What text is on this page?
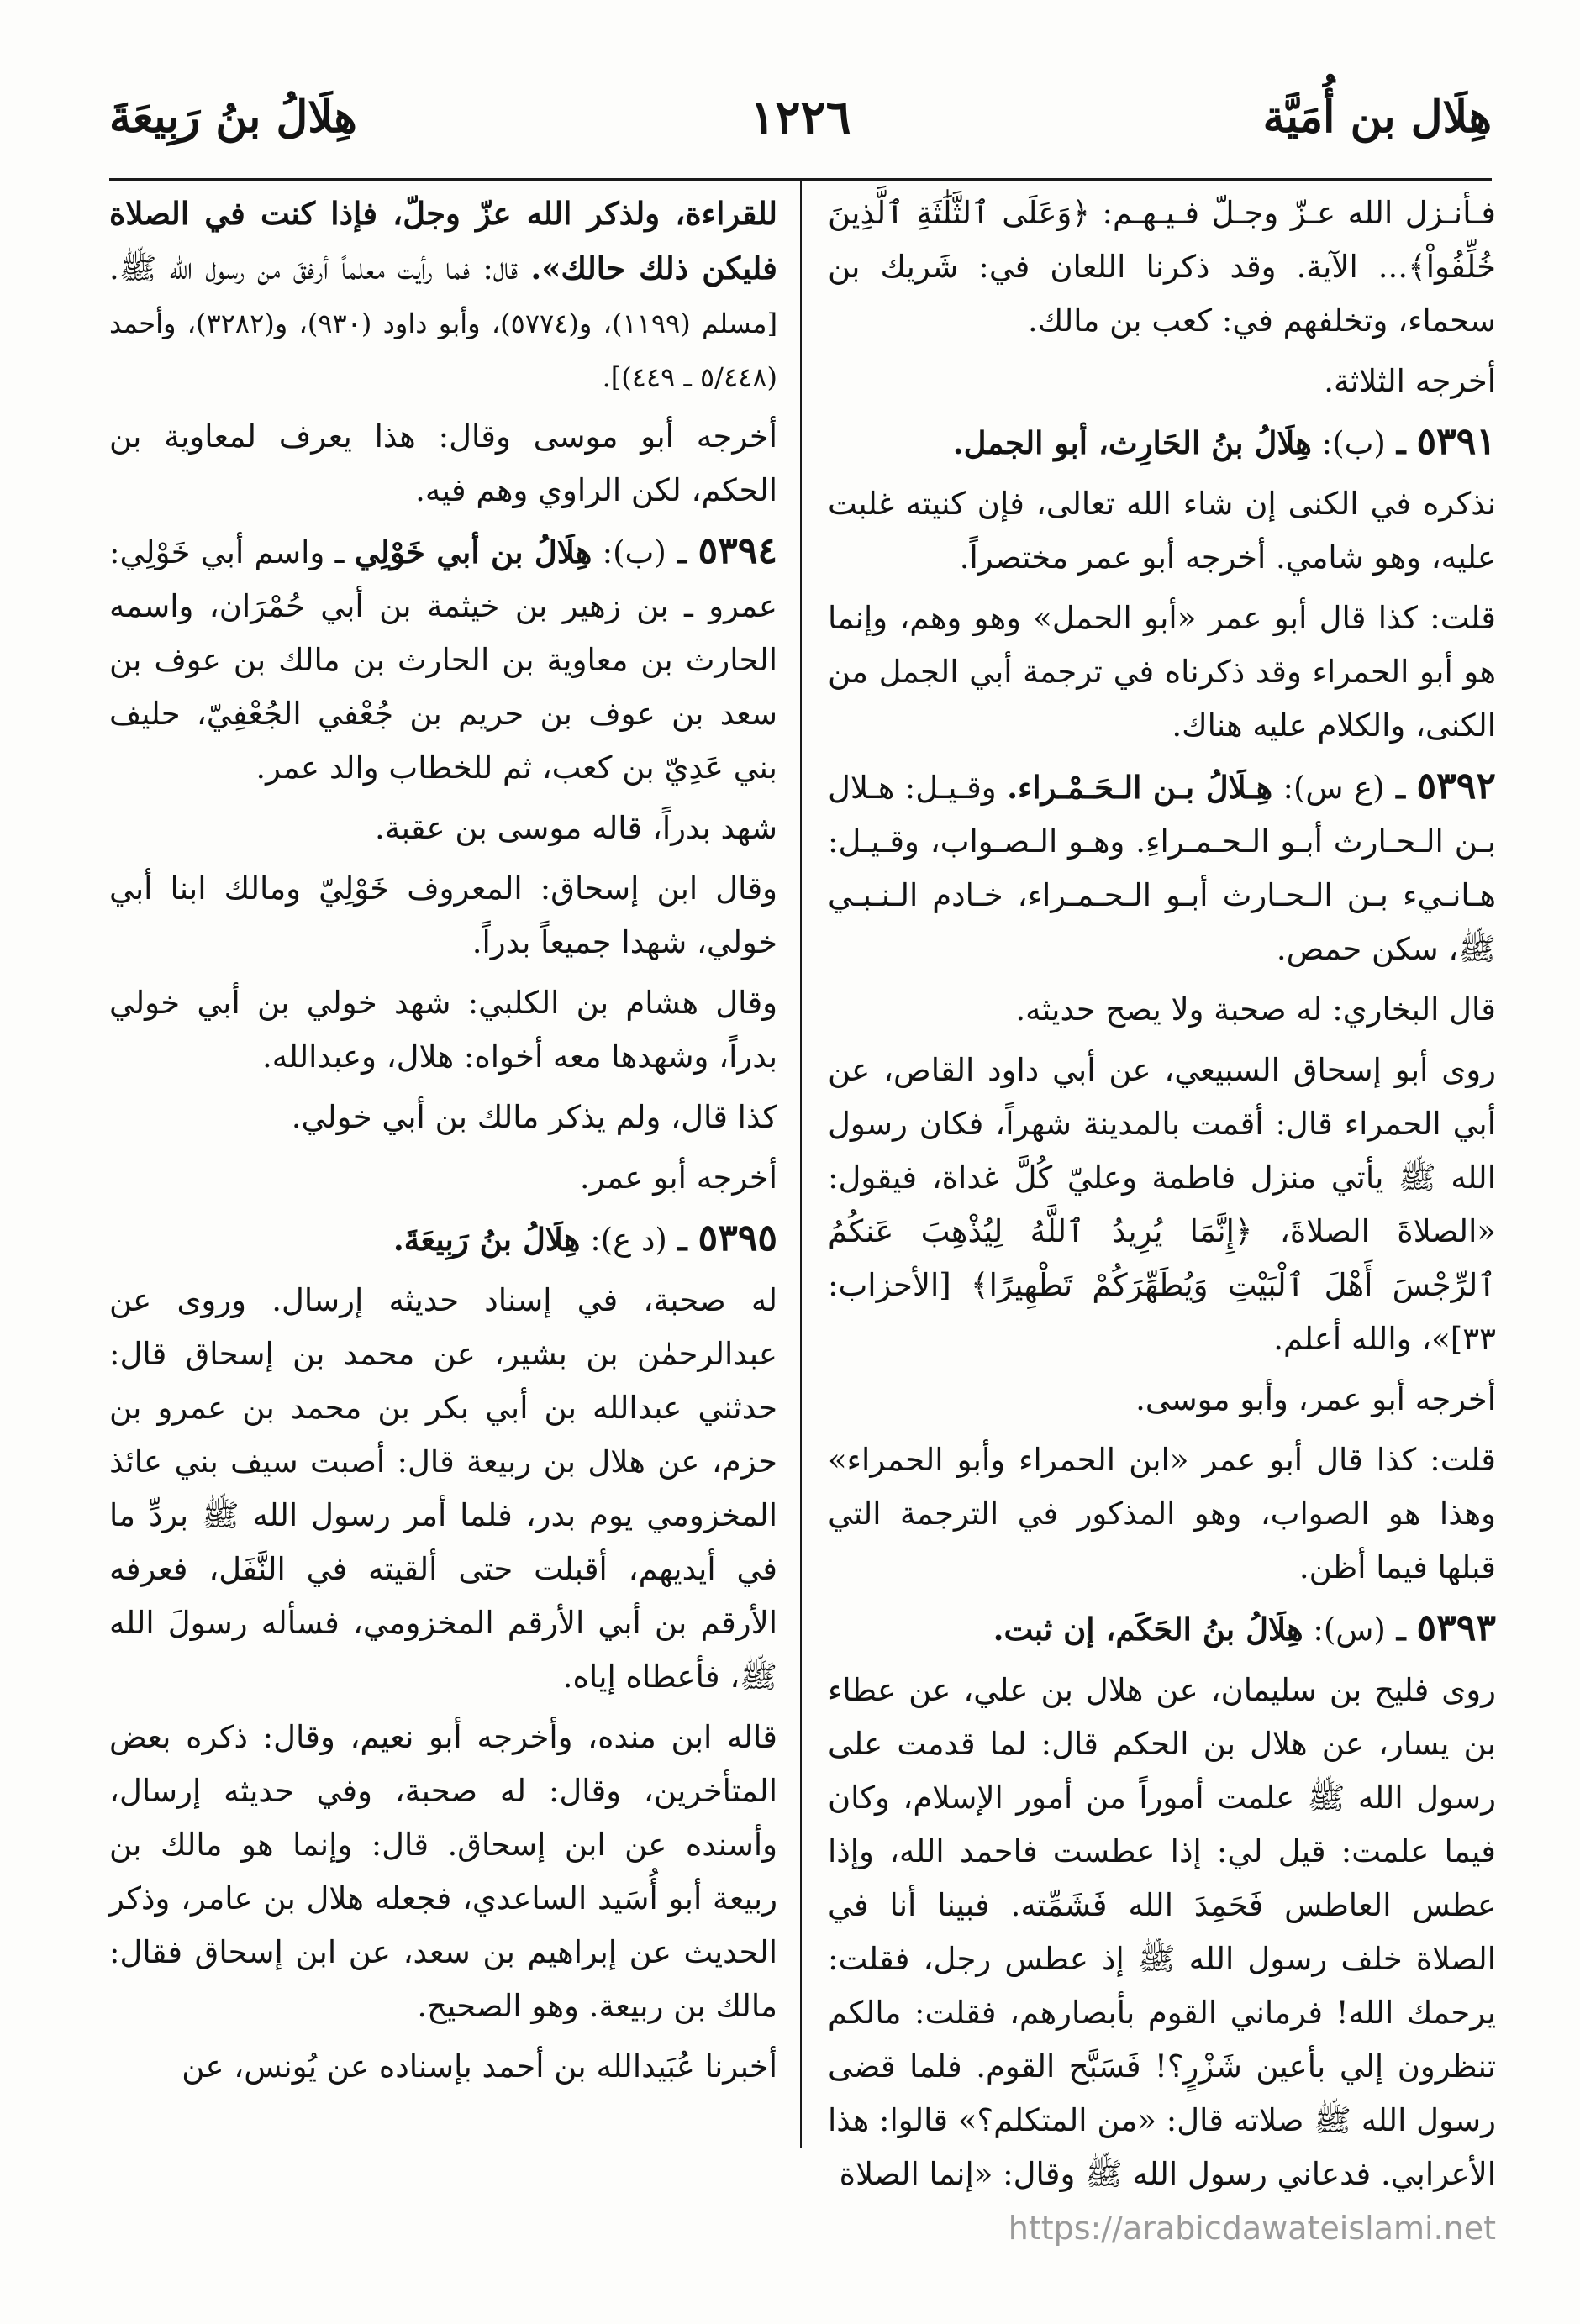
هِلَال بن أُمَيَّة
١٢٢٦
هِلَالُ بنُ رَبِيعَةَ

فـأنـزل الله عـزّ وجـلّ فـيـهـم: ﴿وَعَلَى ٱلثَّلَٰثَةِ ٱلَّذِينَ خُلِّفُواْ﴾... الآية. وقد ذكرنا اللعان في: شَريك بن سحماء، وتخلفهم في: كعب بن مالك.

أخرجه الثلاثة.

٥٣٩١ ـ (ب): هِلَالُ بنُ الحَارِث، أبو الجمل.

نذكره في الكنى إن شاء الله تعالى، فإن كنيته غلبت عليه، وهو شامي. أخرجه أبو عمر مختصراً.

قلت: كذا قال أبو عمر «أبو الحمل» وهو وهم، وإنما هو أبو الحمراء وقد ذكرناه في ترجمة أبي الجمل من الكنى، والكلام عليه هناك.

٥٣٩٢ ـ (ع س): هِـلَالُ بـن الـحَـمْـراء. وقـيـل: هـلال بـن الـحـارث أبـو الـحـمـراءِ. وهـو الـصـواب، وقـيـل: هـانـيء بـن الـحـارث أبـو الـحـمـراء، خـادم الـنـبـي ﷺ، سكن حمص.

قال البخاري: له صحبة ولا يصح حديثه.

روى أبو إسحاق السبيعي، عن أبي داود القاص، عن أبي الحمراء قال: أقمت بالمدينة شهراً، فكان رسول الله ﷺ يأتي منزل فاطمة وعليّ كُلَّ غداة، فيقول: «الصلاةَ الصلاةَ، ﴿إِنَّمَا يُرِيدُ ٱللَّهُ لِيُذْهِبَ عَنكُمُ ٱلرِّجْسَ أَهْلَ ٱلْبَيْتِ وَيُطَهِّرَكُمْ تَطْهِيرًا﴾ [الأحزاب: ٣٣]»، والله أعلم.

أخرجه أبو عمر، وأبو موسى.

قلت: كذا قال أبو عمر «ابن الحمراء وأبو الحمراء» وهذا هو الصواب، وهو المذكور في الترجمة التي قبلها فيما أظن.

٥٣٩٣ ـ (س): هِلَالُ بنُ الحَكَم، إن ثبت.

روى فليح بن سليمان، عن هلال بن علي، عن عطاء بن يسار، عن هلال بن الحكم قال: لما قدمت على رسول الله ﷺ علمت أموراً من أمور الإسلام، وكان فيما علمت: قيل لي: إذا عطست فاحمد الله، وإذا عطس العاطس فَحَمِدَ الله فَشَمِّته. فبينا أنا في الصلاة خلف رسول الله ﷺ إذ عطس رجل، فقلت: يرحمك الله! فرماني القوم بأبصارهم، فقلت: مالكم تنظرون إلي بأعين شَزْرٍ؟! فَسَبَّح القوم. فلما قضى رسول الله ﷺ صلاته قال: «من المتكلم؟» قالوا: هذا الأعرابي. فدعاني رسول الله ﷺ وقال: «إنما الصلاة

للقراءة، ولذكر الله عزّ وجلّ، فإذا كنت في الصلاة فليكن ذلك حالك». قال: فما رأيت معلماً أرفقَ من رسول الله ﷺ. [مسلم (١١٩٩)، و(٥٧٧٤)، وأبو داود (٩٣٠)، و(٣٢٨٢)، وأحمد (٥/٤٤٨ ـ ٤٤٩)].

أخرجه أبو موسى وقال: هذا يعرف لمعاوية بن الحكم، لكن الراوي وهم فيه.

٥٣٩٤ ـ (ب): هِلَالُ بن أبي خَوْلِي ـ واسم أبي خَوْلِي: عمرو ـ بن زهير بن خيثمة بن أبي حُمْرَان، واسمه الحارث بن معاوية بن الحارث بن مالك بن عوف بن سعد بن عوف بن حريم بن جُعْفي الجُعْفِيّ، حليف بني عَدِيّ بن كعب، ثم للخطاب والد عمر.

شهد بدراً، قاله موسى بن عقبة.

وقال ابن إسحاق: المعروف خَوْلِيّ ومالك ابنا أبي خولي، شهدا جميعاً بدراً.

وقال هشام بن الكلبي: شهد خولي بن أبي خولي بدراً، وشهدها معه أخواه: هلال، وعبدالله.

كذا قال، ولم يذكر مالك بن أبي خولي.

أخرجه أبو عمر.

٥٣٩٥ ـ (د ع): هِلَالُ بنُ رَبِيعَةَ.

له صحبة، في إسناد حديثه إرسال. وروى عن عبدالرحمٰن بن بشير، عن محمد بن إسحاق قال: حدثني عبدالله بن أبي بكر بن محمد بن عمرو بن حزم، عن هلال بن ربيعة قال: أصبت سيف بني عائذ المخزومي يوم بدر، فلما أمر رسول الله ﷺ بردِّ ما في أيديهم، أقبلت حتى ألقيته في النَّفَل، فعرفه الأرقم بن أبي الأرقم المخزومي، فسأله رسولَ الله ﷺ، فأعطاه إياه.

قاله ابن منده، وأخرجه أبو نعيم، وقال: ذكره بعض المتأخرين، وقال: له صحبة، وفي حديثه إرسال، وأسنده عن ابن إسحاق. قال: وإنما هو مالك بن ربيعة أبو أُسَيد الساعدي، فجعله هلال بن عامر، وذكر الحديث عن إبراهيم بن سعد، عن ابن إسحاق فقال: مالك بن ربيعة. وهو الصحيح.

أخبرنا عُبَيدالله بن أحمد بإسناده عن يُونس، عن

https://arabicdawateislami.net
